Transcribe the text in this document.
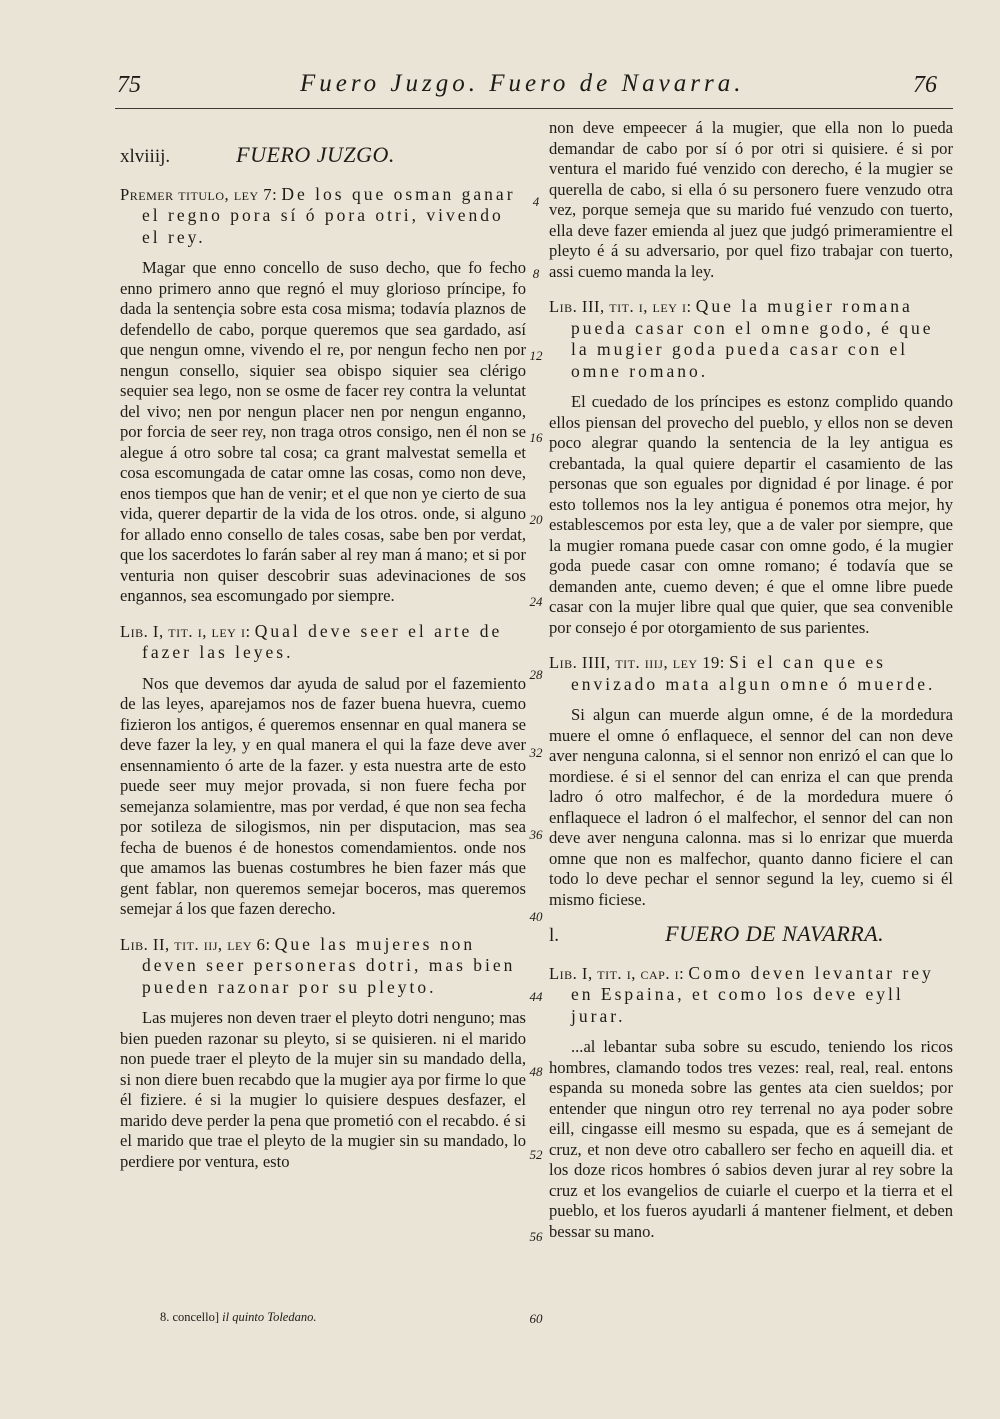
75	Fuero Juzgo. Fuero de Navarra.	76
xlviiij.	FUERO JUZGO.
Premer titulo, ley 7: De los que osman ganar el regno pora sí ó pora otri, vivendo el rey.

Magar que enno concello de suso decho, que fo fecho enno primero anno que regnó el muy glorioso príncipe, fo dada la sentençia sobre esta cosa misma; todavía plaznos de defendello de cabo, porque queremos que sea gardado, así que nengun omne, vivendo el re, por nengun fecho nen por nengun consello, siquier sea obispo siquier sea clérigo sequier sea lego, non se osme de facer rey contra la veluntat del vivo; nen por nengun placer nen por nengun enganno, por forcia de seer rey, non traga otros consigo, nen él non se alegue á otro sobre tal cosa; ca grant malvestat semella et cosa escomungada de catar omne las cosas, como non deve, enos tiempos que han de venir; et el que non ye cierto de sua vida, querer departir de la vida de los otros. onde, si alguno for allado enno consello de tales cosas, sabe ben por verdat, que los sacerdotes lo farán saber al rey man á mano; et si por venturia non quiser descobrir suas adevinaciones de sos engannos, sea escomungado por siempre.

Lib. I, tit. i, ley i: Qual deve seer el arte de fazer las leyes.

Nos que devemos dar ayuda de salud por el fazemiento de las leyes, aparejamos nos de fazer buena huevra, cuemo fizieron los antigos, é queremos ensennar en qual manera se deve fazer la ley, y en qual manera el qui la faze deve aver ensennamiento ó arte de la fazer. y esta nuestra arte de esto puede seer muy mejor provada, si non fuere fecha por semejanza solamientre, mas por verdad, é que non sea fecha por sotileza de silogismos, nin per disputacion, mas sea fecha de buenos é de honestos comendamientos. onde nos que amamos las buenas costumbres he bien fazer más que gent fablar, non queremos semejar boceros, mas queremos semejar á los que fazen derecho.

Lib. II, tit. iij, ley 6: Que las mujeres non deven seer personeras dotri, mas bien pueden razonar por su pleyto.

Las mujeres non deven traer el pleyto dotri nenguno; mas bien pueden razonar su pleyto, si se quisieren. ni el marido non puede traer el pleyto de la mujer sin su mandado della, si non diere buen recabdo que la mugier aya por firme lo que él fiziere. é si la mugier lo quisiere despues desfazer, el marido deve perder la pena que prometió con el recabdo. é si el marido que trae el pleyto de la mugier sin su mandado, lo perdiere por ventura, esto

4
8
12
16
20
24
28
32
36
40
44
48
52
56
60

non deve empeecer á la mugier, que ella non lo pueda demandar de cabo por sí ó por otri si quisiere. é si por ventura el marido fué venzido con derecho, é la mugier se querella de cabo, si ella ó su personero fuere venzudo otra vez, porque semeja que su marido fué venzudo con tuerto, ella deve fazer emienda al juez que judgó primeramientre el pleyto é á su adversario, por quel fizo trabajar con tuerto, assi cuemo manda la ley.

Lib. III, tit. i, ley i: Que la mugier romana pueda casar con el omne godo, é que la mugier goda pueda casar con el omne romano.

El cuedado de los príncipes es estonz complido quando ellos piensan del provecho del pueblo, y ellos non se deven poco alegrar quando la sentencia de la ley antigua es crebantada, la qual quiere departir el casamiento de las personas que son eguales por dignidad é por linage. é por esto tollemos nos la ley antigua é ponemos otra mejor, hy establescemos por esta ley, que a de valer por siempre, que la mugier romana puede casar con omne godo, é la mugier goda puede casar con omne romano; é todavía que se demanden ante, cuemo deven; é que el omne libre puede casar con la mujer libre qual que quier, que sea convenible por consejo é por otorgamiento de sus parientes.

Lib. IIII, tit. iiij, ley 19: Si el can que es envizado mata algun omne ó muerde.

Si algun can muerde algun omne, é de la mordedura muere el omne ó enflaquece, el sennor del can non deve aver nenguna calonna, si el sennor non enrizó el can que lo mordiese. é si el sennor del can enriza el can que prenda ladro ó otro malfechor, é de la mordedura muere ó enflaquece el ladron ó el malfechor, el sennor del can non deve aver nenguna calonna. mas si lo enrizar que muerda omne que non es malfechor, quanto danno ficiere el can todo lo deve pechar el sennor segund la ley, cuemo si él mismo ficiese.

l.	FUERO DE NAVARRA.
Lib. I, tit. i, cap. i: Como deven levantar rey en Espaina, et como los deve eyll jurar.

...al lebantar suba sobre su escudo, teniendo los ricos hombres, clamando todos tres vezes: real, real, real. entons espanda su moneda sobre las gentes ata cien sueldos; por entender que ningun otro rey terrenal no aya poder sobre eill, cingasse eill mesmo su espada, que es á semejant de cruz, et non deve otro caballero ser fecho en aqueill dia. et los doze ricos hombres ó sabios deven jurar al rey sobre la cruz et los evangelios de cuiarle el cuerpo et la tierra et el pueblo, et los fueros ayudarli á mantener fielment, et deben bessar su mano.

8. concello] il quinto Toledano.
